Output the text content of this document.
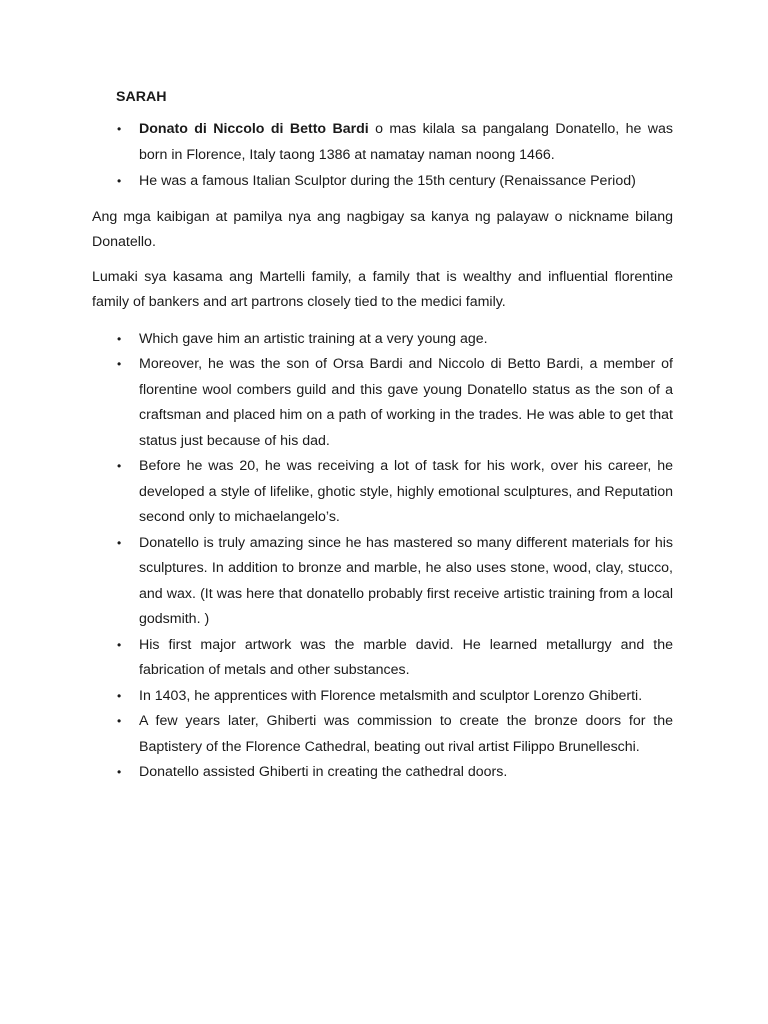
SARAH
• Donato di Niccolo di Betto Bardi o mas kilala sa pangalang Donatello, he was born in Florence, Italy taong 1386 at namatay naman noong 1466.
• He was a famous Italian Sculptor during the 15th century (Renaissance Period)

Ang mga kaibigan at pamilya nya ang nagbigay sa kanya ng palayaw o nickname bilang Donatello.

Lumaki sya kasama ang Martelli family, a family that is wealthy and influential florentine family of bankers and art partrons closely tied to the medici family.

• Which gave him an artistic training at a very young age.
• Moreover, he was the son of Orsa Bardi and Niccolo di Betto Bardi, a member of florentine wool combers guild and this gave young Donatello status as the son of a craftsman and placed him on a path of working in the trades. He was able to get that status just because of his dad.
• Before he was 20, he was receiving a lot of task for his work, over his career, he developed a style of lifelike, ghotic style, highly emotional sculptures, and Reputation second only to michaelangelo’s.
• Donatello is truly amazing since he has mastered so many different materials for his sculptures. In addition to bronze and marble, he also uses stone, wood, clay, stucco, and wax. (It was here that donatello probably first receive artistic training from a local godsmith. )
• His first major artwork was the marble david. He learned metallurgy and the fabrication of metals and other substances.
• In 1403, he apprentices with Florence metalsmith and sculptor Lorenzo Ghiberti.
• A few years later, Ghiberti was commission to create the bronze doors for the Baptistery of the Florence Cathedral, beating out rival artist Filippo Brunelleschi.
• Donatello assisted Ghiberti in creating the cathedral doors.
